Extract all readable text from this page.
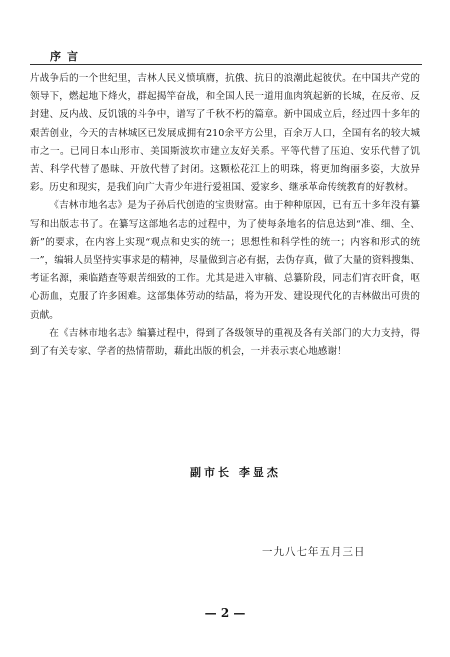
序言

片战争后的一个世纪里，吉林人民义愤填膺，抗俄、抗日的浪潮此起彼伏。在中国共产党的领导下，燃起地下烽火，群起揭竿奋战，和全国人民一道用血肉筑起新的长城，在反帝、反封建、反内战、反饥饿的斗争中，谱写了千秋不朽的篇章。新中国成立后，经过四十多年的艰苦创业，今天的吉林城区已发展成拥有210余平方公里，百余万人口，全国有名的较大城市之一。已同日本山形市、美国斯波坎市建立友好关系。平等代替了压迫、安乐代替了饥苦、科学代替了愚昧、开放代替了封闭。这颗松花江上的明珠，将更加绚丽多姿，大放异彩。历史和现实，是我们向广大青少年进行爱祖国、爱家乡、继承革命传统教育的好教材。

《吉林市地名志》是为子孙后代创造的宝贵财富。由于种种原因，已有五十多年没有纂写和出版志书了。在纂写这部地名志的过程中，为了使每条地名的信息达到“准、细、全、新”的要求，在内容上实现“观点和史实的统一；思想性和科学性的统一；内容和形式的统一”，编辑人员坚持实事求是的精神，尽量做到言必有据，去伪存真，做了大量的资料搜集、考证名源，乘临踏查等艰苦细致的工作。尤其是进入审稿、总纂阶段，同志们宵衣旰食，呕心沥血，克服了许多困难。这部集体劳动的结晶，将为开发、建设现代化的吉林做出可贵的贡献。

在《吉林市地名志》编纂过程中，得到了各级领导的重视及各有关部门的大力支持，得到了有关专家、学者的热情帮助，藉此出版的机会，一并表示衷心地感谢！

副市长 李显杰
一九八七年五月三日
— 2 —
